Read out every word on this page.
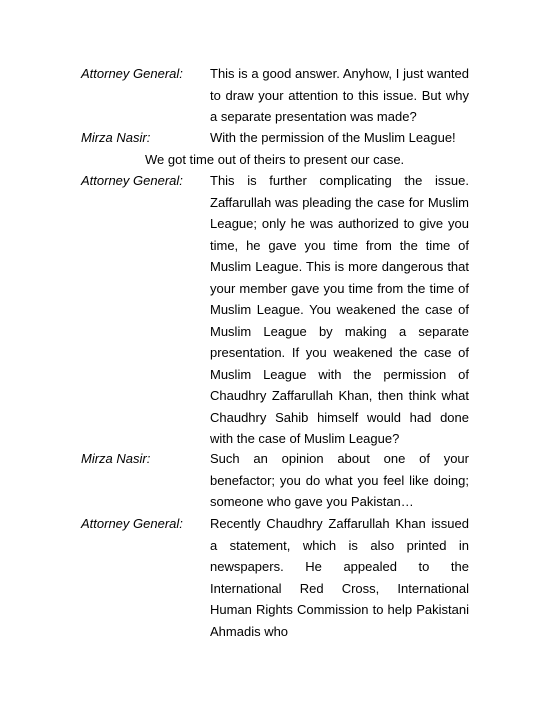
Attorney General: This is a good answer. Anyhow, I just wanted to draw your attention to this issue. But why a separate presentation was made?
Mirza Nasir:	With the permission of the Muslim League!
We got time out of theirs to present our case.
Attorney General: This is further complicating the issue. Zaffarullah was pleading the case for Muslim League; only he was authorized to give you time, he gave you time from the time of Muslim League. This is more dangerous that your member gave you time from the time of Muslim League. You weakened the case of Muslim League by making a separate presentation. If you weakened the case of Muslim League with the permission of Chaudhry Zaffarullah Khan, then think what Chaudhry Sahib himself would had done with the case of Muslim League?
Mirza Nasir:	Such an opinion about one of your benefactor; you do what you feel like doing; someone who gave you Pakistan…
Attorney General: Recently Chaudhry Zaffarullah Khan issued a statement, which is also printed in newspapers. He appealed to the International Red Cross, International Human Rights Commission to help Pakistani Ahmadis who
